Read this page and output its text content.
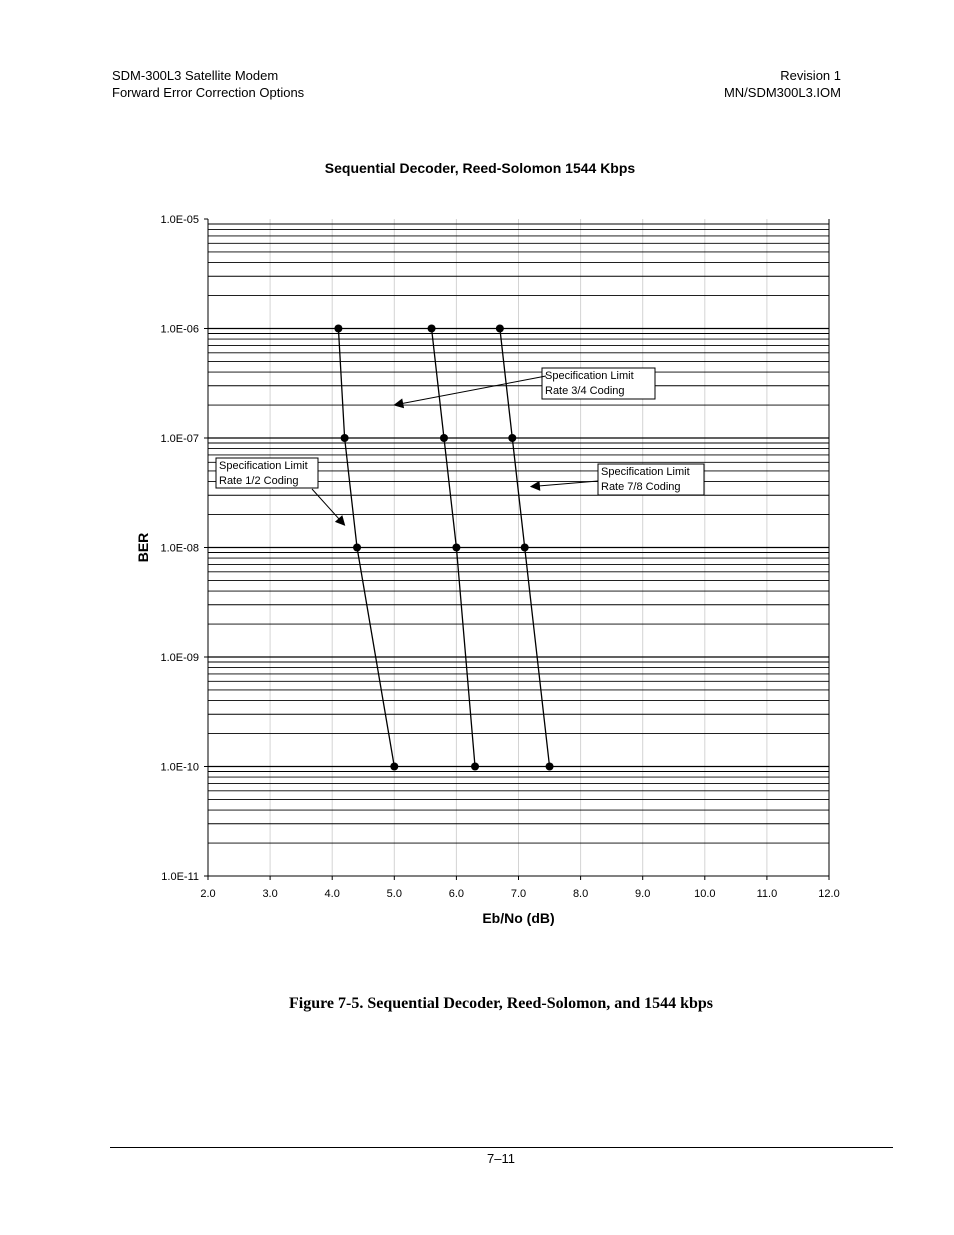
SDM-300L3 Satellite Modem
Forward Error Correction Options
Revision 1
MN/SDM300L3.IOM
Sequential Decoder, Reed-Solomon 1544 Kbps
1.0E-11
1.0E-10
1.0E-09
1.0E-08
1.0E-07
1.0E-06
1.0E-05
2.0	3.0	4.0	5.0	6.0	7.0	8.0	9.0	10.0	11.0	12.0
Eb/No (dB)
BER
Specification Limit
Rate 3/4 Coding
Specification Limit
Rate 1/2 Coding
Specification Limit
Rate 7/8 Coding
Figure 7-5. Sequential Decoder, Reed-Solomon, and 1544 kbps
7–11
